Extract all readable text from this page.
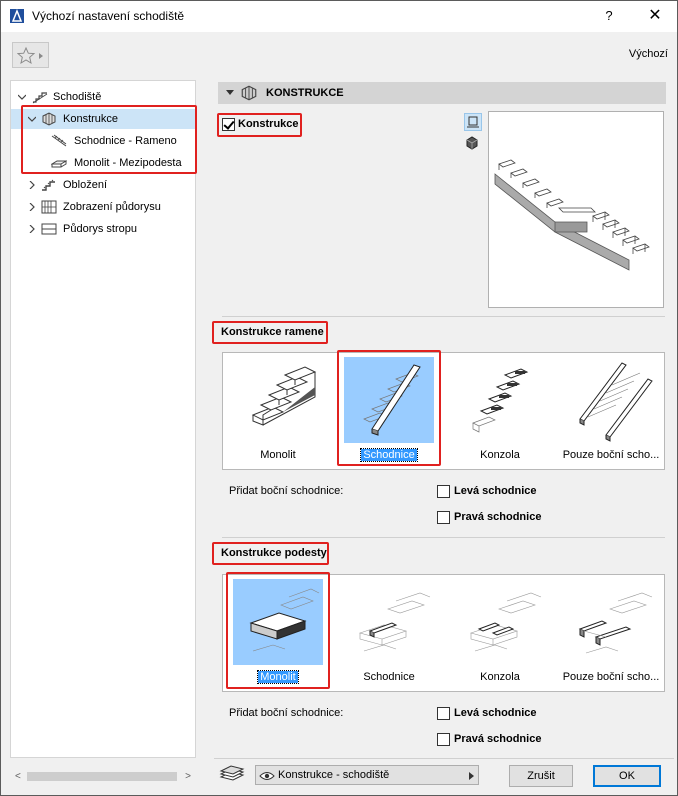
Výchozí nastavení schodiště	?	✕
Výchozí
Schodiště
Konstrukce
Schodnice - Rameno
Monolit - Mezipodesta
Obložení
Zobrazení půdorysu
Půdorys stropu
<	>
KONSTRUKCE
Konstrukce
Konstrukce ramene
Monolit	Schodnice	Konzola	Pouze boční scho...
Přidat boční schodnice:	Levá schodnice
Pravá schodnice
Konstrukce podesty
Monolit	Schodnice	Konzola	Pouze boční scho...
Přidat boční schodnice:	Levá schodnice
Pravá schodnice
Konstrukce - schodiště	Zrušit	OK
